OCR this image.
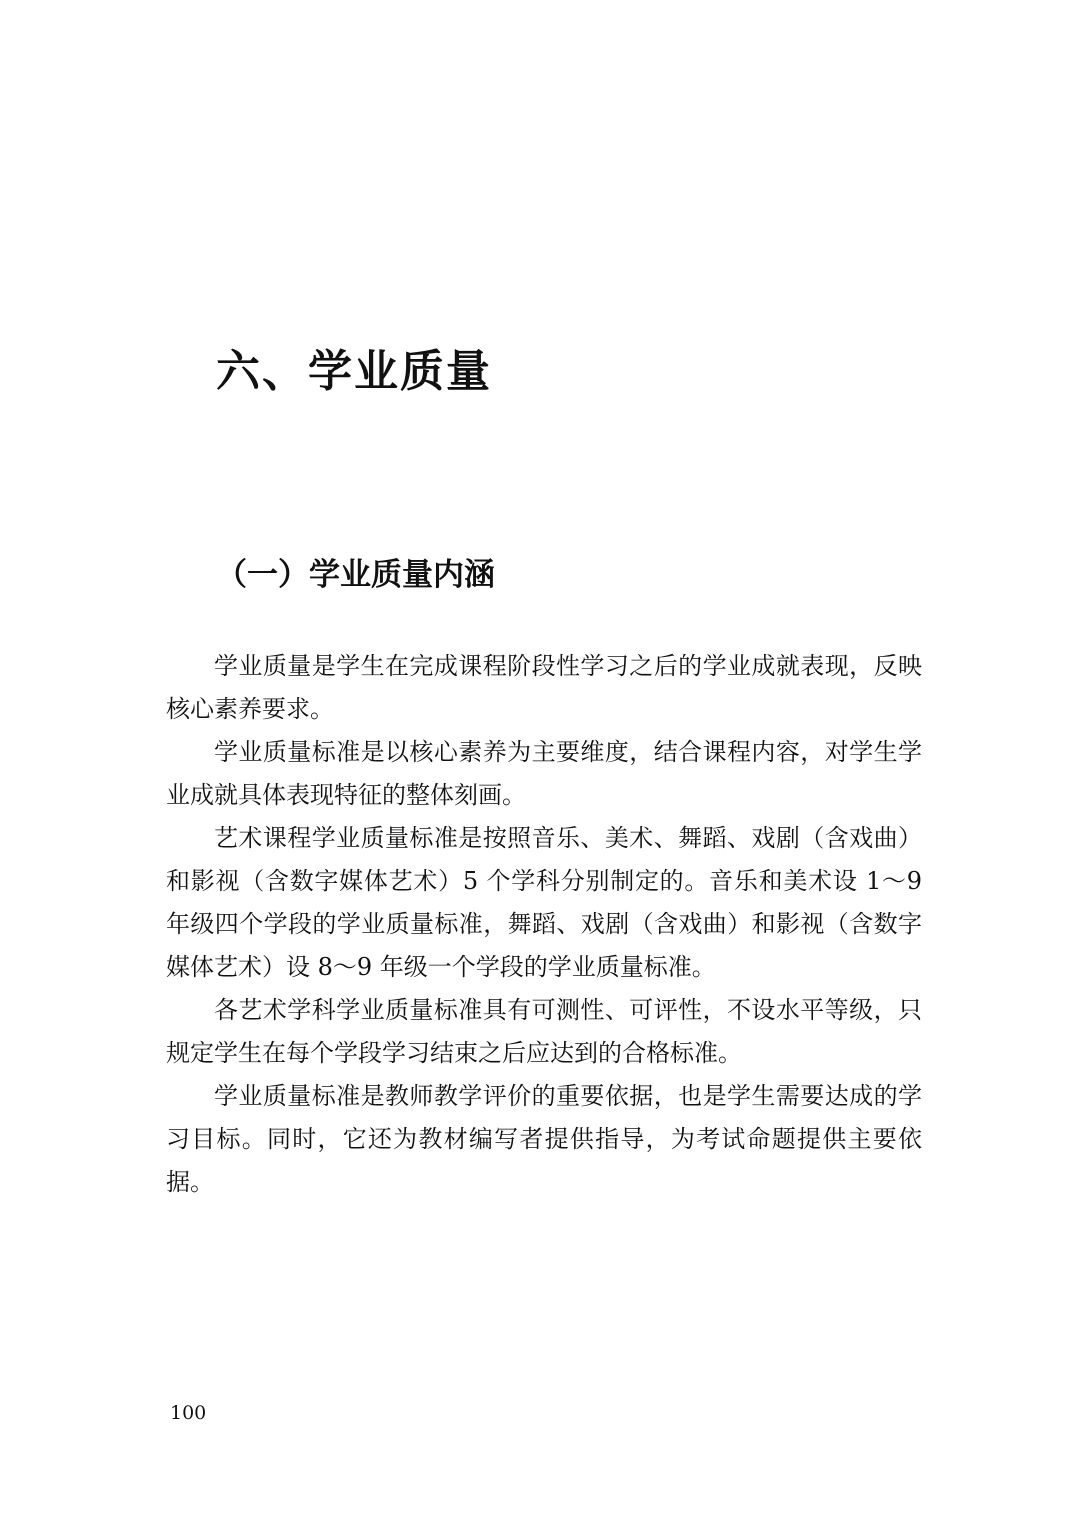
六、学业质量
（一）学业质量内涵

学业质量是学生在完成课程阶段性学习之后的学业成就表现，反映核心素养要求。

学业质量标准是以核心素养为主要维度，结合课程内容，对学生学业成就具体表现特征的整体刻画。

艺术课程学业质量标准是按照音乐、美术、舞蹈、戏剧（含戏曲）和影视（含数字媒体艺术）5 个学科分别制定的。音乐和美术设 1～9 年级四个学段的学业质量标准，舞蹈、戏剧（含戏曲）和影视（含数字媒体艺术）设 8～9 年级一个学段的学业质量标准。

各艺术学科学业质量标准具有可测性、可评性，不设水平等级，只规定学生在每个学段学习结束之后应达到的合格标准。

学业质量标准是教师教学评价的重要依据，也是学生需要达成的学习目标。同时，它还为教材编写者提供指导，为考试命题提供主要依据。

100
